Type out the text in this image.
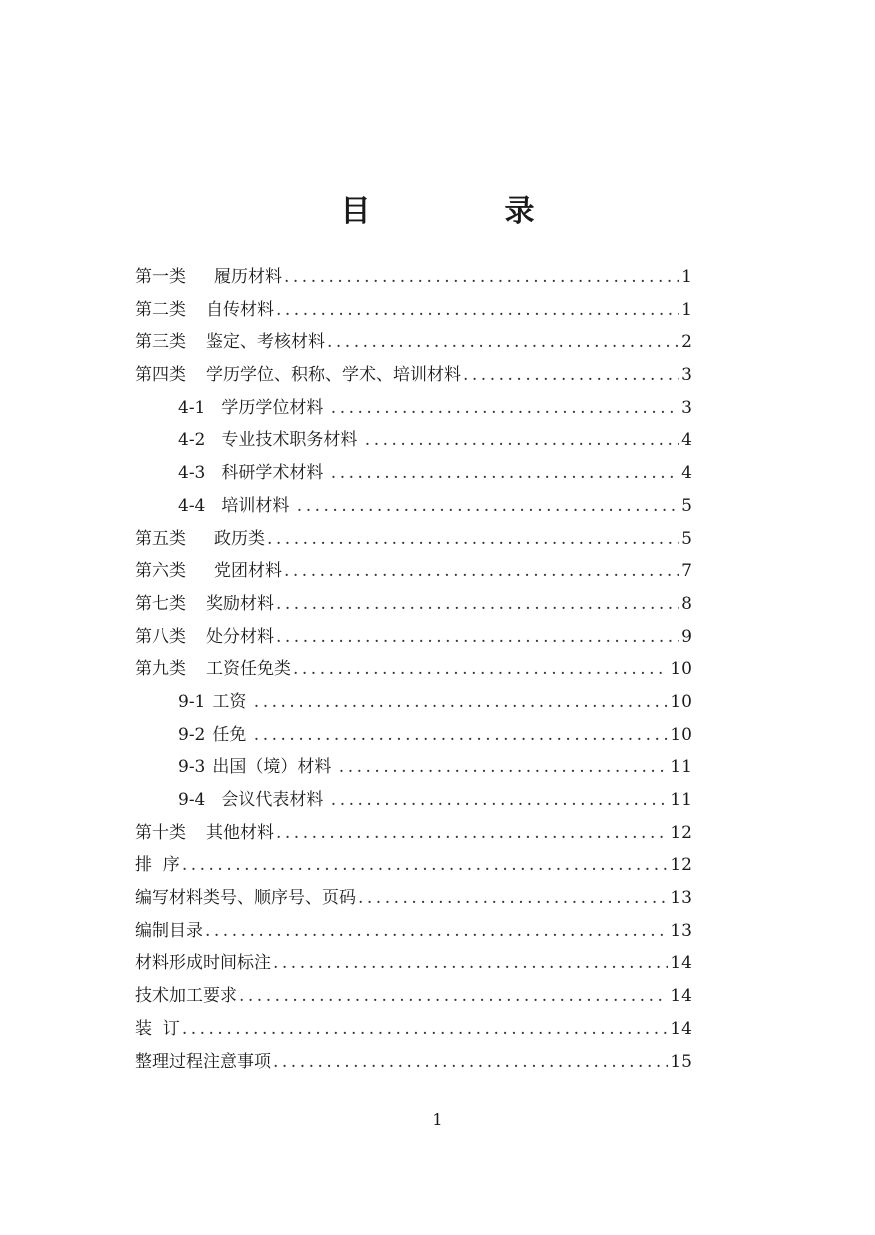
目　录
第一类 履历材料 .....	1
第二类 自传材料 .....	1
第三类 鉴定、考核材料 .....	2
第四类 学历学位、积称、学术、培训材料 .....	3
4-1 学历学位材料 .....	3
4-2 专业技术职务材料 .....	4
4-3 科研学术材料 .....	4
4-4 培训材料 .....	5
第五类 政历类 .....	5
第六类 党团材料 .....	7
第七类 奖励材料 .....	8
第八类 处分材料 .....	9
第九类 工资任免类 .....	10
9-1 工资 .....	10
9-2 任免 .....	10
9-3 出国（境）材料 .....	11
9-4 会议代表材料 .....	11
第十类 其他材料 .....	12
排  序 .....	12
编写材料类号、顺序号、页码 .....	13
编制目录 .....	13
材料形成时间标注 .....	14
技术加工要求 .....	14
装  订 .....	14
整理过程注意事项 .....	15
1
